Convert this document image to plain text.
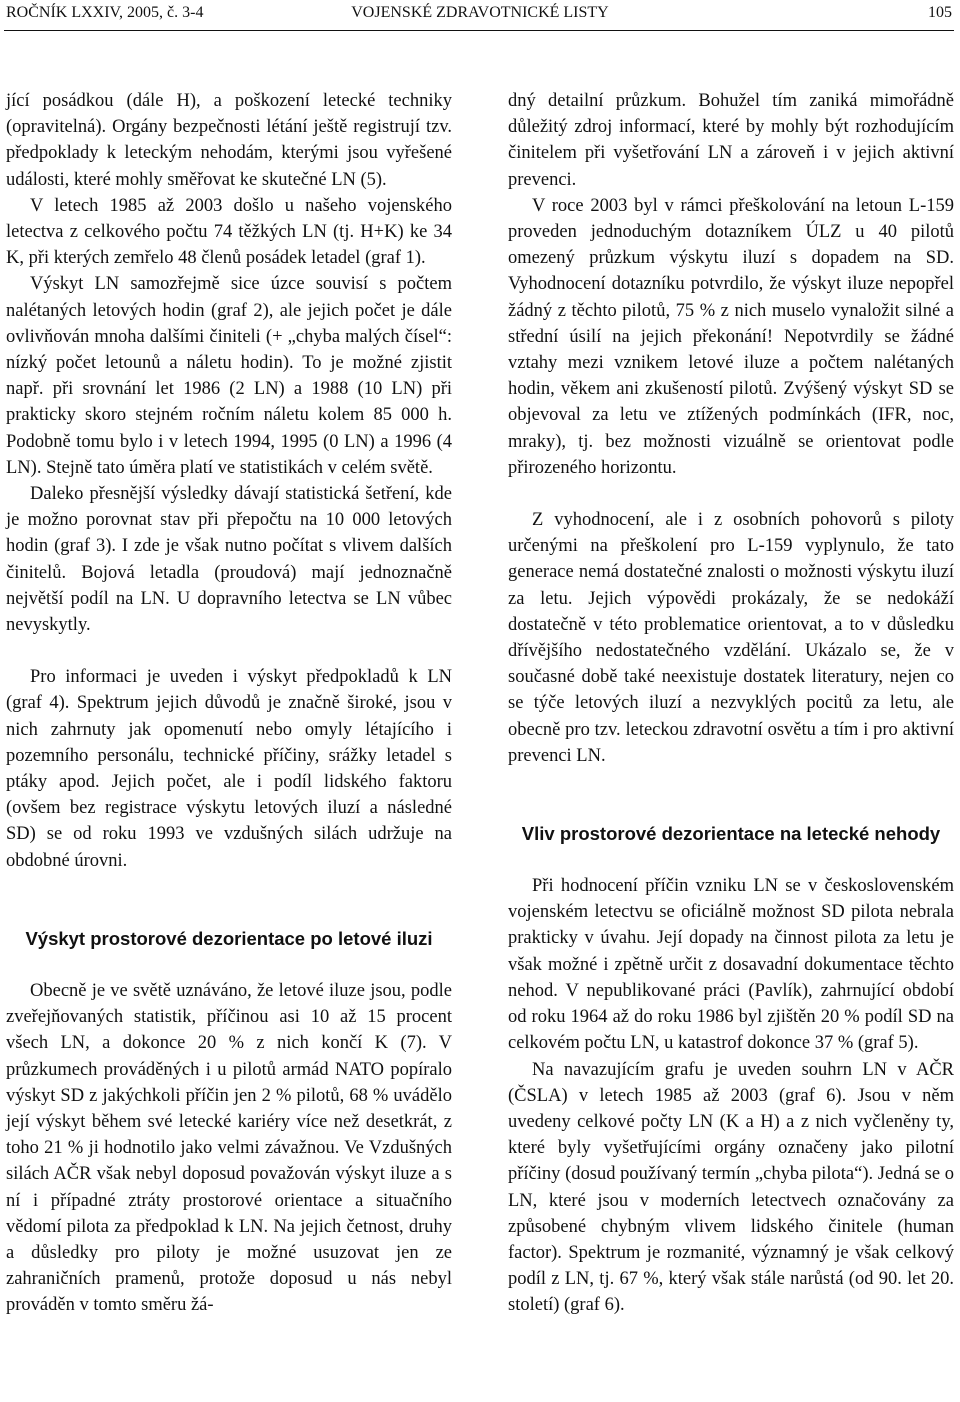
ROČNÍK LXXIV, 2005, č. 3-4	VOJENSKÉ ZDRAVOTNICKÉ LISTY	105

jící posádkou (dále H), a poškození letecké techniky (opravitelná). Orgány bezpečnosti létání ještě registrují tzv. předpoklady k leteckým nehodám, kterými jsou vyřešené události, které mohly směřovat ke skutečné LN (5).

V letech 1985 až 2003 došlo u našeho vojenského letectva z celkového počtu 74 těžkých LN (tj. H+K) ke 34 K, při kterých zemřelo 48 členů posádek letadel (graf 1).

Výskyt LN samozřejmě sice úzce souvisí s počtem nalétaných letových hodin (graf 2), ale jejich počet je dále ovlivňován mnoha dalšími činiteli (+ „chyba malých čísel“: nízký počet letounů a náletu hodin). To je možné zjistit např. při srovnání let 1986 (2 LN) a 1988 (10 LN) při prakticky skoro stejném ročním náletu kolem 85 000 h. Podobně tomu bylo i v letech 1994, 1995 (0 LN) a 1996 (4 LN). Stejně tato úměra platí ve statistikách v celém světě.

Daleko přesnější výsledky dávají statistická šetření, kde je možno porovnat stav při přepočtu na 10 000 letových hodin (graf 3). I zde je však nutno počítat s vlivem dalších činitelů. Bojová letadla (proudová) mají jednoznačně největší podíl na LN. U dopravního letectva se LN vůbec nevyskytly.

Pro informaci je uveden i výskyt předpokladů k LN (graf 4). Spektrum jejich důvodů je značně široké, jsou v nich zahrnuty jak opomenutí nebo omyly létajícího i pozemního personálu, technické příčiny, srážky letadel s ptáky apod. Jejich počet, ale i podíl lidského faktoru (ovšem bez registrace výskytu letových iluzí a následné SD) se od roku 1993 ve vzdušných silách udržuje na obdobné úrovni.

Výskyt prostorové dezorientace po letové iluzi

Obecně je ve světě uznáváno, že letové iluze jsou, podle zveřejňovaných statistik, příčinou asi 10 až 15 procent všech LN, a dokonce 20 % z nich končí K (7). V průzkumech prováděných i u pilotů armád NATO popíralo výskyt SD z jakýchkoli příčin jen 2 % pilotů, 68 % uvádělo její výskyt během své letecké kariéry více než desetkrát, z toho 21 % ji hodnotilo jako velmi závažnou. Ve Vzdušných silách AČR však nebyl doposud považován výskyt iluze a s ní i případné ztráty prostorové orientace a situačního vědomí pilota za předpoklad k LN. Na jejich četnost, druhy a důsledky pro piloty je možné usuzovat jen ze zahraničních pramenů, protože doposud u nás nebyl prováděn v tomto směru žá-

dný detailní průzkum. Bohužel tím zaniká mimořádně důležitý zdroj informací, které by mohly být rozhodujícím činitelem při vyšetřování LN a zároveň i v jejich aktivní prevenci.

V roce 2003 byl v rámci přeškolování na letoun L-159 proveden jednoduchým dotazníkem ÚLZ u 40 pilotů omezený průzkum výskytu iluzí s dopadem na SD. Vyhodnocení dotazníku potvrdilo, že výskyt iluze nepopřel žádný z těchto pilotů, 75 % z nich muselo vynaložit silné a střední úsilí na jejich překonání! Nepotvrdily se žádné vztahy mezi vznikem letové iluze a počtem nalétaných hodin, věkem ani zkušeností pilotů. Zvýšený výskyt SD se objevoval za letu ve ztížených podmínkách (IFR, noc, mraky), tj. bez možnosti vizuálně se orientovat podle přirozeného horizontu.

Z vyhodnocení, ale i z osobních pohovorů s piloty určenými na přeškolení pro L-159 vyplynulo, že tato generace nemá dostatečné znalosti o možnosti výskytu iluzí za letu. Jejich výpovědi prokázaly, že se nedokáží dostatečně v této problematice orientovat, a to v důsledku dřívějšího nedostatečného vzdělání. Ukázalo se, že v současné době také neexistuje dostatek literatury, nejen co se týče letových iluzí a nezvyklých pocitů za letu, ale obecně pro tzv. leteckou zdravotní osvětu a tím i pro aktivní prevenci LN.

Vliv prostorové dezorientace na letecké nehody

Při hodnocení příčin vzniku LN se v československém vojenském letectvu se oficiálně možnost SD pilota nebrala prakticky v úvahu. Její dopady na činnost pilota za letu je však možné i zpětně určit z dosavadní dokumentace těchto nehod. V nepublikované práci (Pavlík), zahrnující období od roku 1964 až do roku 1986 byl zjištěn 20 % podíl SD na celkovém počtu LN, u katastrof dokonce 37 % (graf 5).

Na navazujícím grafu je uveden souhrn LN v AČR (ČSLA) v letech 1985 až 2003 (graf 6). Jsou v něm uvedeny celkové počty LN (K a H) a z nich vyčleněny ty, které byly vyšetřujícími orgány označeny jako pilotní příčiny (dosud používaný termín „chyba pilota“). Jedná se o LN, které jsou v moderních letectvech označovány za způsobené chybným vlivem lidského činitele (human factor). Spektrum je rozmanité, významný je však celkový podíl z LN, tj. 67 %, který však stále narůstá (od 90. let 20. století) (graf 6).
